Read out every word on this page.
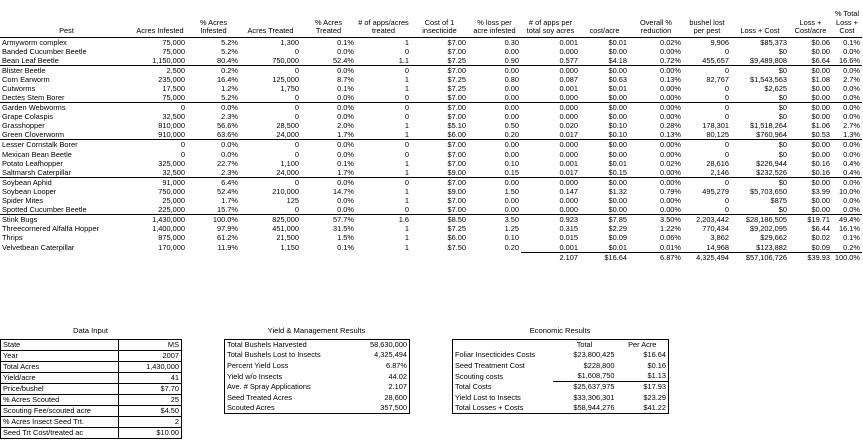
Pest	Acres Infested	% Acres Infested	Acres Treated	% Acres Treated	# of apps/acres treated	Cost of 1 insecticide	% loss per acre infested	# of apps per total soy acres	cost/acre	Overall % reduction	bushel lost per pest	Loss + Cost	Loss + Cost/acre	% Total Loss + Cost
Armyworm complex	75,000	5.2%	1,300	0.1%	1	$7.00	0.30	0.001	$0.01	0.02%	9,906	$85,373	$0.06	0.1%
Banded Cucumber Beetle	75,000	5.2%	0	0.0%	0	$7.00	0.00	0.000	$0.00	0.00%	0	$0	$0.00	0.0%
Bean Leaf Beetle	1,150,000	80.4%	750,000	52.4%	1.1	$7.25	0.90	0.577	$4.18	0.72%	455,657	$9,489,808	$6.64	16.6%
Blister Beetle	2,500	0.2%	0	0.0%	0	$7.00	0.00	0.000	$0.00	0.00%	0	$0	$0.00	0.0%
Corn Earworm	235,000	16.4%	125,000	8.7%	1	$7.25	0.80	0.087	$0.63	0.13%	82,767	$1,543,563	$1.08	2.7%
Cutworms	17,500	1.2%	1,750	0.1%	1	$7.25	0.00	0.001	$0.01	0.00%	0	$2,625	$0.00	0.0%
Dectes Stem Borer	75,000	5.2%	0	0.0%	0	$7.00	0.00	0.000	$0.00	0.00%	0	$0	$0.00	0.0%
Garden Webworms	0	0.0%	0	0.0%	0	$7.00	0.00	0.000	$0.00	0.00%	0	$0	$0.00	0.0%
Grape Colaspis	32,500	2.3%	0	0.0%	0	$7.00	0.00	0.000	$0.00	0.00%	0	$0	$0.00	0.0%
Grasshopper	810,000	56.6%	28,500	2.0%	1	$5.10	0.50	0.020	$0.10	0.28%	178,301	$1,518,264	$1.06	2.7%
Green Cloverworm	910,000	63.6%	24,000	1.7%	1	$6.00	0.20	0.017	$0.10	0.13%	80,125	$760,964	$0.53	1.3%
Lesser Cornstalk Borer	0	0.0%	0	0.0%	0	$7.00	0.00	0.000	$0.00	0.00%	0	$0	$0.00	0.0%
Mexican Bean Beetle	0	0.0%	0	0.0%	0	$7.00	0.00	0.000	$0.00	0.00%	0	$0	$0.00	0.0%
Potato Leafhopper	325,000	22.7%	1,100	0.1%	1	$7.00	0.10	0.001	$0.01	0.02%	28,616	$226,944	$0.16	0.4%
Saltmarsh Caterpillar	32,500	2.3%	24,000	1.7%	1	$9.00	0.15	0.017	$0.15	0.00%	2,146	$232,526	$0.16	0.4%
Soybean Aphid	91,000	6.4%	0	0.0%	0	$7.00	0.00	0.000	$0.00	0.00%	0	$0	$0.00	0.0%
Soybean Looper	750,000	52.4%	210,000	14.7%	1	$9.00	1.50	0.147	$1.32	0.79%	495,279	$5,703,650	$3.99	10.0%
Spider Mites	25,000	1.7%	125	0.0%	1	$7.00	0.00	0.000	$0.00	0.00%	0	$875	$0.00	0.0%
Spotted Cucumber Beetle	225,000	15.7%	0	0.0%	0	$7.00	0.00	0.000	$0.00	0.00%	0	$0	$0.00	0.0%
Stink Bugs	1,430,000	100.0%	825,000	57.7%	1.6	$8.50	3.50	0.923	$7.85	3.50%	2,203,442	$28,186,505	$19.71	49.4%
Threecornered Alfalfa Hopper	1,400,000	97.9%	451,000	31.5%	1	$7.25	1.25	0.315	$2.29	1.22%	770,434	$9,202,095	$6.44	16.1%
Thrips	875,000	61.2%	21,500	1.5%	1	$6.00	0.10	0.015	$0.09	0.06%	3,862	$29,662	$0.02	0.1%
Velvetbean Caterpillar	170,000	11.9%	1,150	0.1%	1	$7.50	0.20	0.001	$0.01	0.01%	14,968	$123,882	$0.09	0.2%
								2.107	$16.64	6.87%	4,325,494	$57,106,726	$39.93	100.0%
Data Input
State	MS
Year	2007
Total Acres	1,430,000
Yield/acre	41
Price/bushel	$7.70
% Acres Scouted	25
Scouting Fee/scouted acre	$4.50
% Acres Insect Seed Trt.	2
Seed Trt Cost/treated ac	$10.00
Yield & Management Results
Total Bushels Harvested	58,630,000
Total Bushels Lost to Insects	4,325,494
Percent Yield Loss	6.87%
Yield w/o Insects	44.02
Ave. # Spray Applications	2.107
Seed Treated Acres	28,600
Scouted Acres	357,500
Economic Results
	Total	Per Acre
Foliar Insecticides Costs	$23,800,425	$16.64
Seed Treatment Cost	$228,800	$0.16
Scouting costs	$1,608,750	$1.13
Total Costs	$25,637,975	$17.93
Yield Lost to Insects	$33,306,301	$23.29
Total Losses + Costs	$58,944,276	$41.22
